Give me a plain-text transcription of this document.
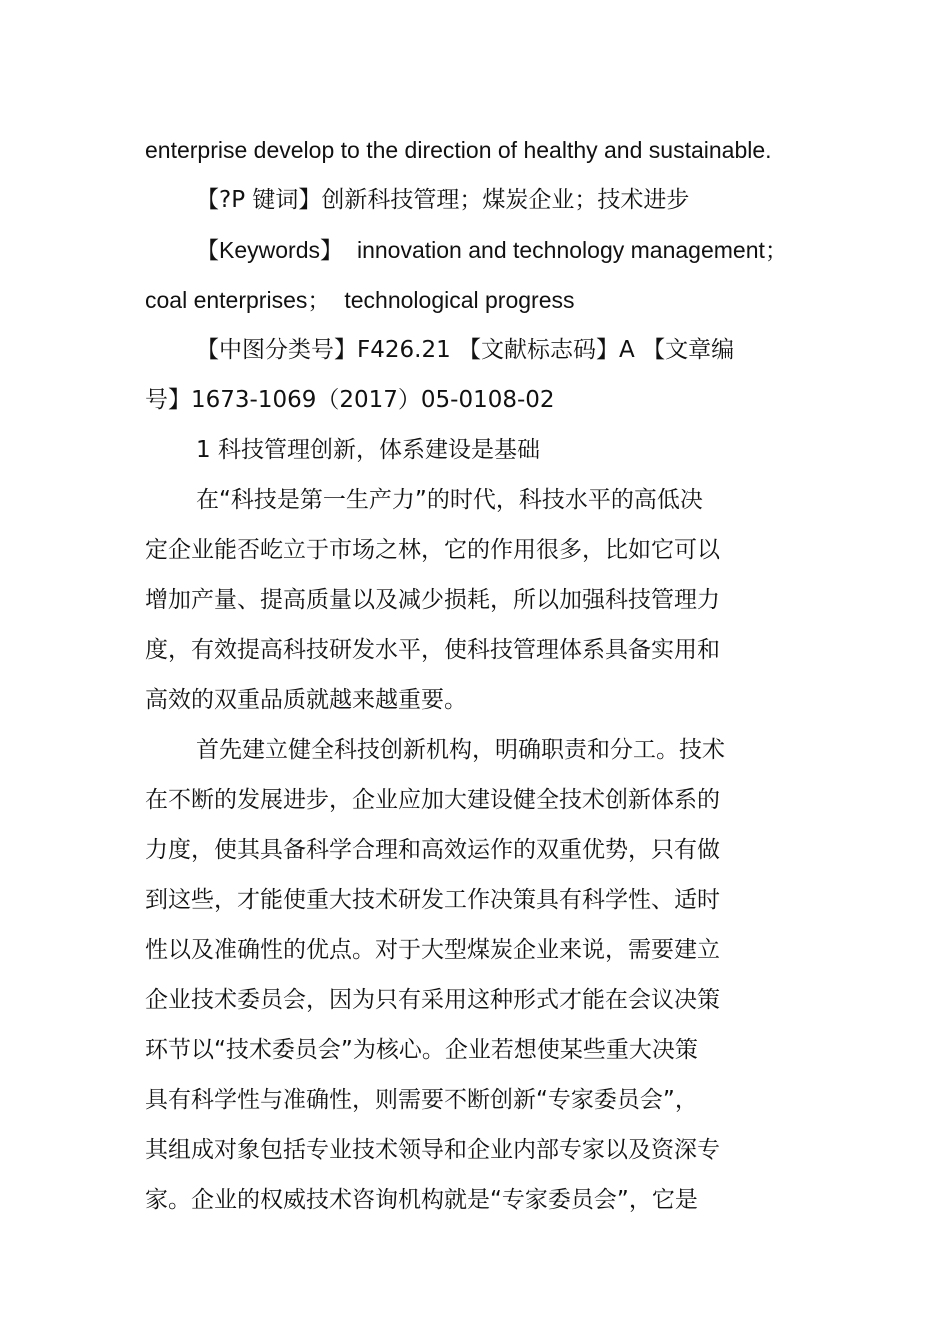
enterprise develop to the direction of healthy and sustainable.

【?P 键词】创新科技管理；煤炭企业；技术进步

【Keywords】 innovation and technology management；

coal enterprises； technological progress

【中图分类号】F426.21 【文献标志码】A 【文章编

号】1673-1069（2017）05-0108-02

1 科技管理创新，体系建设是基础

在“科技是第一生产力”的时代，科技水平的高低决

定企业能否屹立于市场之林，它的作用很多，比如它可以

增加产量、提高质量以及减少损耗，所以加强科技管理力

度，有效提高科技研发水平，使科技管理体系具备实用和

高效的双重品质就越来越重要。

首先建立健全科技创新机构，明确职责和分工。技术

在不断的发展进步，企业应加大建设健全技术创新体系的

力度，使其具备科学合理和高效运作的双重优势，只有做

到这些，才能使重大技术研发工作决策具有科学性、适时

性以及准确性的优点。对于大型煤炭企业来说，需要建立

企业技术委员会，因为只有采用这种形式才能在会议决策

环节以“技术委员会”为核心。企业若想使某些重大决策

具有科学性与准确性，则需要不断创新“专家委员会”，

其组成对象包括专业技术领导和企业内部专家以及资深专

家。企业的权威技术咨询机构就是“专家委员会”，它是
